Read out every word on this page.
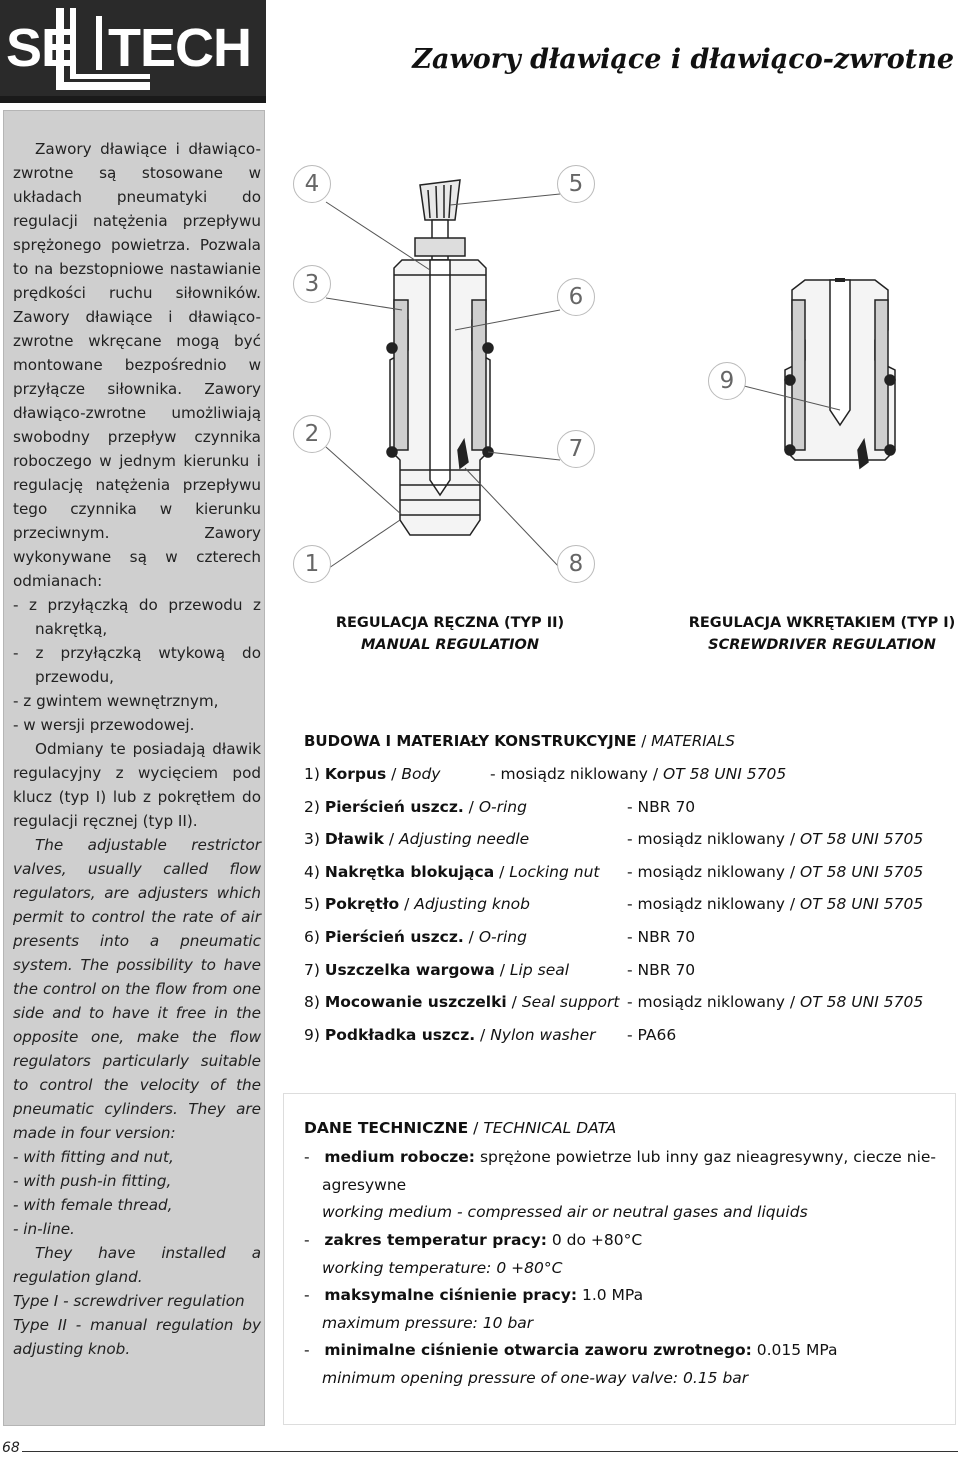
SE TECH	Zawory dławiące i dławiąco-zwrotne

Zawory dławiące i dławiąco-zwrotne są stosowane w układach pneumatyki do regulacji natężenia przepływu sprężonego powietrza. Pozwala to na bezstopniowe nastawianie prędkości ruchu siłowników. Zawory dławiące i dławiąco-zwrotne wkręcane mogą być montowane bezpośrednio w przyłącze siłownika. Zawory dławiąco-zwrotne umożliwiają swobodny przepływ czynnika roboczego w jednym kierunku i regulację natężenia przepływu tego czynnika w kierunku przeciwnym. Zawory wykonywane są w czterech odmianach:

- z przyłączką do przewodu z nakrętką,

- z przyłączką wtykową do przewodu,

- z gwintem wewnętrznym,

- w wersji przewodowej.

Odmiany te posiadają dławik regulacyjny z wycięciem pod klucz (typ I) lub z pokrętłem do regulacji ręcznej (typ II).

The adjustable restrictor valves, usually called flow regulators, are adjusters which permit to control the rate of air presents into a pneumatic system. The possibility to have the control on the flow from one side and to have it free in the opposite one, make the flow regulators particularly suitable to control the velocity of the pneumatic cylinders. They are made in four version:

- with fitting and nut,

- with push-in fitting,

- with female thread,

- in-line.

They have installed a regulation gland.

Type I - screwdriver regulation

Type II - manual regulation by adjusting knob.

4
3
2
1
5
6
7
8
9
REGULACJA RĘCZNA (TYP II)
MANUAL REGULATION
REGULACJA WKRĘTAKIEM (TYP I)
SCREWDRIVER REGULATION
BUDOWA I MATERIAŁY KONSTRUKCYJNE / MATERIALS
1) Korpus / Body	- mosiądz niklowany / OT 58 UNI 5705
2) Pierścień uszcz. / O-ring	- NBR 70
3) Dławik / Adjusting needle	- mosiądz niklowany / OT 58 UNI 5705
4) Nakrętka blokująca / Locking nut - mosiądz niklowany / OT 58 UNI 5705
5) Pokrętło / Adjusting knob	- mosiądz niklowany / OT 58 UNI 5705
6) Pierścień uszcz. / O-ring	- NBR 70
7) Uszczelka wargowa / Lip seal	- NBR 70
8) Mocowanie uszczelki / Seal support - mosiądz niklowany / OT 58 UNI 5705
9) Podkładka uszcz. / Nylon washer - PA66
DANE TECHNICZNE / TECHNICAL DATA
-   medium robocze: sprężone powietrze lub inny gaz nieagresywny, ciecze nie-
agresywne
working medium - compressed air or neutral gases and liquids
-   zakres temperatur pracy: 0 do +80°C
working temperature: 0 +80°C
-   maksymalne ciśnienie pracy: 1.0 MPa
maximum pressure: 10 bar
-   minimalne ciśnienie otwarcia zaworu zwrotnego: 0.015 MPa
minimum opening pressure of one-way valve: 0.15 bar
68
